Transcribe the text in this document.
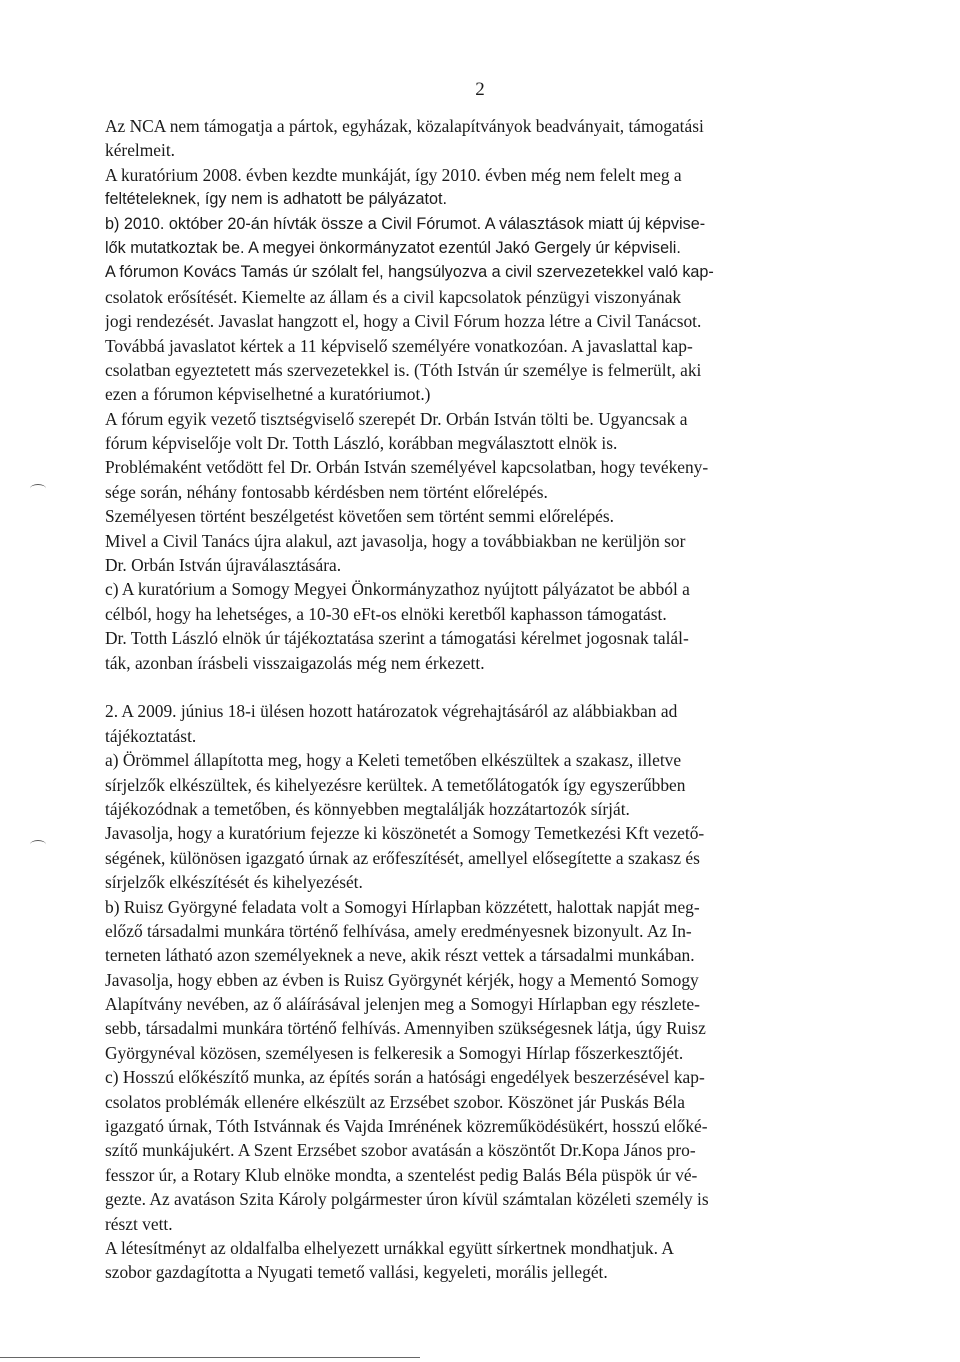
2
Az NCA nem támogatja a pártok, egyházak, közalapítványok beadványait, támogatási
kérelmeit.
A kuratórium 2008. évben kezdte munkáját, így 2010. évben még nem felelt meg a
feltételeknek, így nem is adhatott be pályázatot.
b) 2010. október 20-án hívták össze a Civil Fórumot. A választások miatt új képvise-
lők mutatkoztak be. A megyei önkormányzatot ezentúl Jakó Gergely úr képviseli.
A fórumon Kovács Tamás úr szólalt fel, hangsúlyozva a civil szervezetekkel való kap-
csolatok erősítését. Kiemelte az állam és a civil kapcsolatok pénzügyi viszonyának
jogi rendezését. Javaslat hangzott el, hogy a Civil Fórum hozza létre a Civil Tanácsot.
Továbbá javaslatot kértek a 11 képviselő személyére vonatkozóan. A javaslattal kap-
csolatban egyeztetett más szervezetekkel is. (Tóth István úr személye is felmerült, aki
ezen a fórumon képviselhetné a kuratóriumot.)
A fórum egyik vezető tisztségviselő szerepét Dr. Orbán István tölti be. Ugyancsak a
fórum képviselője volt Dr. Totth László, korábban megválasztott elnök is.
Problémaként vetődött fel Dr. Orbán István személyével kapcsolatban, hogy tevékeny-
sége során, néhány fontosabb kérdésben nem történt előrelépés.
Személyesen történt beszélgetést követően sem történt semmi előrelépés.
Mivel a Civil Tanács újra alakul, azt javasolja, hogy a továbbiakban ne kerüljön sor
Dr. Orbán István újraválasztására.
c) A kuratórium a Somogy Megyei Önkormányzathoz nyújtott pályázatot be abból a
célból, hogy ha lehetséges, a 10-30 eFt-os elnöki keretből kaphasson támogatást.
Dr. Totth László elnök úr tájékoztatása szerint a támogatási kérelmet jogosnak talál-
ták, azonban írásbeli visszaigazolás még nem érkezett.
2. A 2009. június 18-i ülésen hozott határozatok végrehajtásáról az alábbiakban ad
tájékoztatást.
a) Örömmel állapította meg, hogy a Keleti temetőben elkészültek a szakasz, illetve
sírjelzők elkészültek, és kihelyezésre kerültek. A temetőlátogatók így egyszerűbben
tájékozódnak a temetőben, és könnyebben megtalálják hozzátartozók sírját.
Javasolja, hogy a kuratórium fejezze ki köszönetét a Somogy Temetkezési Kft vezető-
ségének, különösen igazgató úrnak az erőfeszítését, amellyel elősegítette a szakasz és
sírjelzők elkészítését és kihelyezését.
b) Ruisz Györgyné feladata volt a Somogyi Hírlapban közzétett, halottak napját meg-
előző társadalmi munkára történő felhívása, amely eredményesnek bizonyult. Az In-
terneten látható azon személyeknek a neve, akik részt vettek a társadalmi munkában.
Javasolja, hogy ebben az évben is Ruisz Györgynét kérjék, hogy a Mementó Somogy
Alapítvány nevében, az ő aláírásával jelenjen meg a Somogyi Hírlapban egy részlete-
sebb, társadalmi munkára történő felhívás. Amennyiben szükségesnek látja, úgy Ruisz
Györgynéval közösen, személyesen is felkeresik a Somogyi Hírlap főszerkesztőjét.
c) Hosszú előkészítő munka, az építés során a hatósági engedélyek beszerzésével kap-
csolatos problémák ellenére elkészült az Erzsébet szobor. Köszönet jár Puskás Béla
igazgató úrnak, Tóth Istvánnak és Vajda Imrénének közreműködésükért, hosszú előké-
szítő munkájukért. A Szent Erzsébet szobor avatásán a köszöntőt Dr.Kopa János pro-
fesszor úr, a Rotary Klub elnöke mondta, a szentelést pedig Balás Béla püspök úr vé-
gezte. Az avatáson Szita Károly polgármester úron kívül számtalan közéleti személy is
részt vett.
A létesítményt az oldalfalba elhelyezett urnákkal együtt sírkertnek mondhatjuk. A
szobor gazdagította a Nyugati temető vallási, kegyeleti, morális jellegét.
